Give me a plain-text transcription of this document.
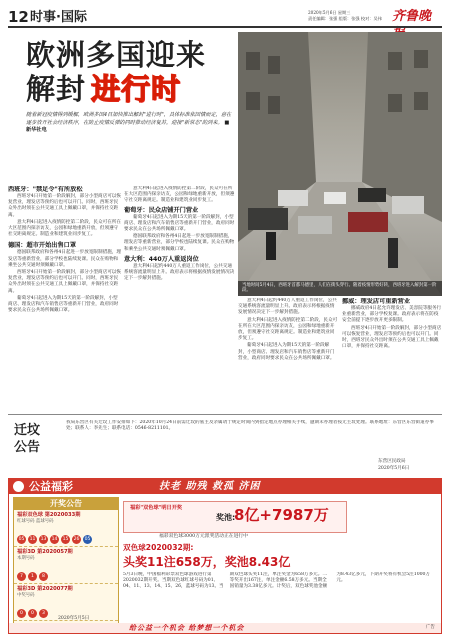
12 时事·国际	2020年5月6日 星期三
责任编辑：张强 组版：张强 校对：吴伟 齐鲁晚
欧洲多国迎来
解封 进行时
随着新冠疫情得到缓解，欧洲多国4日加快推出解封"进行时"，具体标准依国情而定，意在逐步放开社会经济秩序，在防止疫情反弹的同时推动经济复苏，迎接"新常态"的到来。 ■新华社电
西班牙："禁足令"有所放松

西班牙4日开始第一阶段解封，部分小型商店可以恢复营业，理发店等预约后也可以开门。同时，西班牙民众外出时须在公共交通工具上佩戴口罩，并保持社交距离。

意大利4日起进入疫情防控第二阶段，民众可在所在大区范围内探亲访友，公园和绿地重新开放，但须遵守社交距离规定。制造业和建筑业同步复工。

德国：超市开始出售口罩

德国联邦政府和各州4日起进一步放宽限制措施，理发店等重新营业，部分学校也陆续复课。民众在购物和乘坐公共交通时须佩戴口罩。

西班牙4日开始第一阶段解封，部分小型商店可以恢复营业，理发店等预约后也可以开门。同时，西班牙民众外出时须在公共交通工具上佩戴口罩，并保持社交距离。

葡萄牙4日起进入为期15天的第一阶段解封，小型商店、理发店和汽车销售店等重新开门营业，政府同时要求民众在公共场所佩戴口罩。

意大利4日起进入疫情防控第二阶段，民众可在所在大区范围内探亲访友，公园和绿地重新开放，但须遵守社交距离规定。制造业和建筑业同步复工。

葡萄牙：民众店铺开门营业

葡萄牙4日起进入为期15天的第一阶段解封，小型商店、理发店和汽车销售店等重新开门营业，政府同时要求民众在公共场所佩戴口罩。

德国联邦政府和各州4日起进一步放宽限制措施，理发店等重新营业，部分学校也陆续复课。民众在购物和乘坐公共交通时须佩戴口罩。

意大利：440万人重返岗位

意大利4日起约440万人重返工作岗位，公共交通系统客流量明显上升。政府表示将根据疫情发展情况决定下一步解封措施。

当地时间5月4日，西班牙首都马德里，人们在街头穿行。随着疫情形势好转，西班牙进入解封第一阶段。

意大利4日起约440万人重返工作岗位，公共交通系统客流量明显上升。政府表示将根据疫情发展情况决定下一步解封措施。

意大利4日起进入疫情防控第二阶段，民众可在所在大区范围内探亲访友，公园和绿地重新开放，但须遵守社交距离规定。制造业和建筑业同步复工。

葡萄牙4日起进入为期15天的第一阶段解封，小型商店、理发店和汽车销售店等重新开门营业，政府同时要求民众在公共场所佩戴口罩。

挪威：理发店可重新营业

挪威政府4日起允许理发店、美容院等服务行业重新营业，部分学校复课。政府表示将在防疫安全前提下逐步放开更多限制。

西班牙4日开始第一阶段解封，部分小型商店可以恢复营业，理发店等预约后也可以开门。同时，西班牙民众外出时须在公共交通工具上佩戴口罩，并保持社交距离。

迁坟
公告
我局东营区有关迁坟工作安排如下：2020年10月24日前需迁坟的墓主及亲属请于规定时间内到指定地点办理相关手续，逾期未办理者按无主坟处理。联系地址：东营区东营街道办事处；联系人：李先生；联系电话：0546-8211101。
东营区民政局
2020年5月6日
公益福彩	扶老 助残 救孤 济困
开奖公告
福彩双色球 第2020033期
红球号码 蓝球号码
05 11 13 14 15 26 05
福彩3D 第2020057期
本期号码
7 1 8
福彩3D 第2020077期
中奖号码
0 0 3
2020年5月5日
福彩"双色球"明日开奖
奖池:
8亿+7987万
福彩双色球3000万元派奖活动正在进行中
双色球2020032期:
头奖11注658万，奖池8.43亿
5月3日晚，中国福利彩票双色球游戏进行第2020032期开奖。当期双色球红球号码为01、04、11、13、14、15、26，蓝球号码为13。当期双色球头奖11注，单注奖金为658万多元。二等奖开出167注，单注金额6.58万多元。当期全国销量为3.38亿多元。计奖后，双色球奖池金额为8.43亿多元，下期开奖将有机会5注1000万元。
给公益一个机会 给梦想一个机会	广告
